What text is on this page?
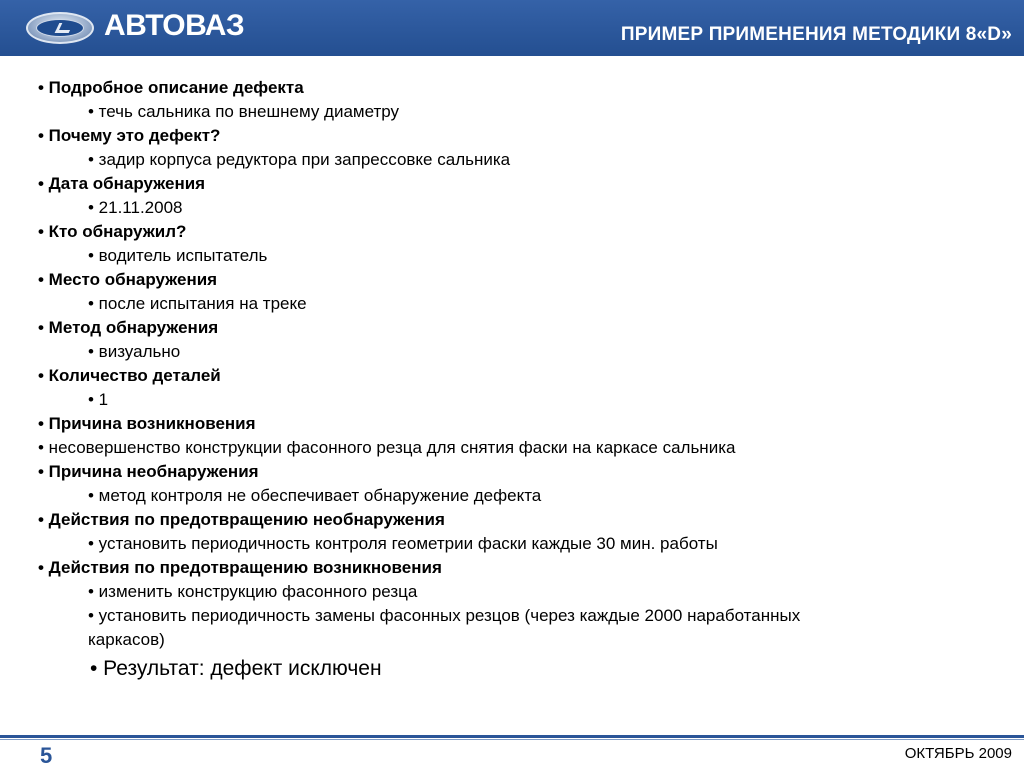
АВТОВАЗ	ПРИМЕР ПРИМЕНЕНИЯ МЕТОДИКИ 8«D»
• Подробное описание дефекта
• течь сальника по внешнему диаметру
• Почему это дефект?
• задир корпуса редуктора при запрессовке сальника
• Дата обнаружения
• 21.11.2008
• Кто обнаружил?
• водитель испытатель
• Место обнаружения
• после испытания на треке
• Метод обнаружения
• визуально
• Количество деталей
• 1
• Причина возникновения
• несовершенство конструкции фасонного резца для снятия фаски на каркасе сальника
• Причина необнаружения
• метод контроля не обеспечивает обнаружение дефекта
• Действия по предотвращению необнаружения
• установить периодичность контроля геометрии фаски каждые 30 мин. работы
• Действия по предотвращению возникновения
• изменить конструкцию фасонного резца
• установить периодичность замены фасонных резцов (через каждые 2000 наработанных каркасов)
• Результат: дефект исключен
5	ОКТЯБРЬ 2009
